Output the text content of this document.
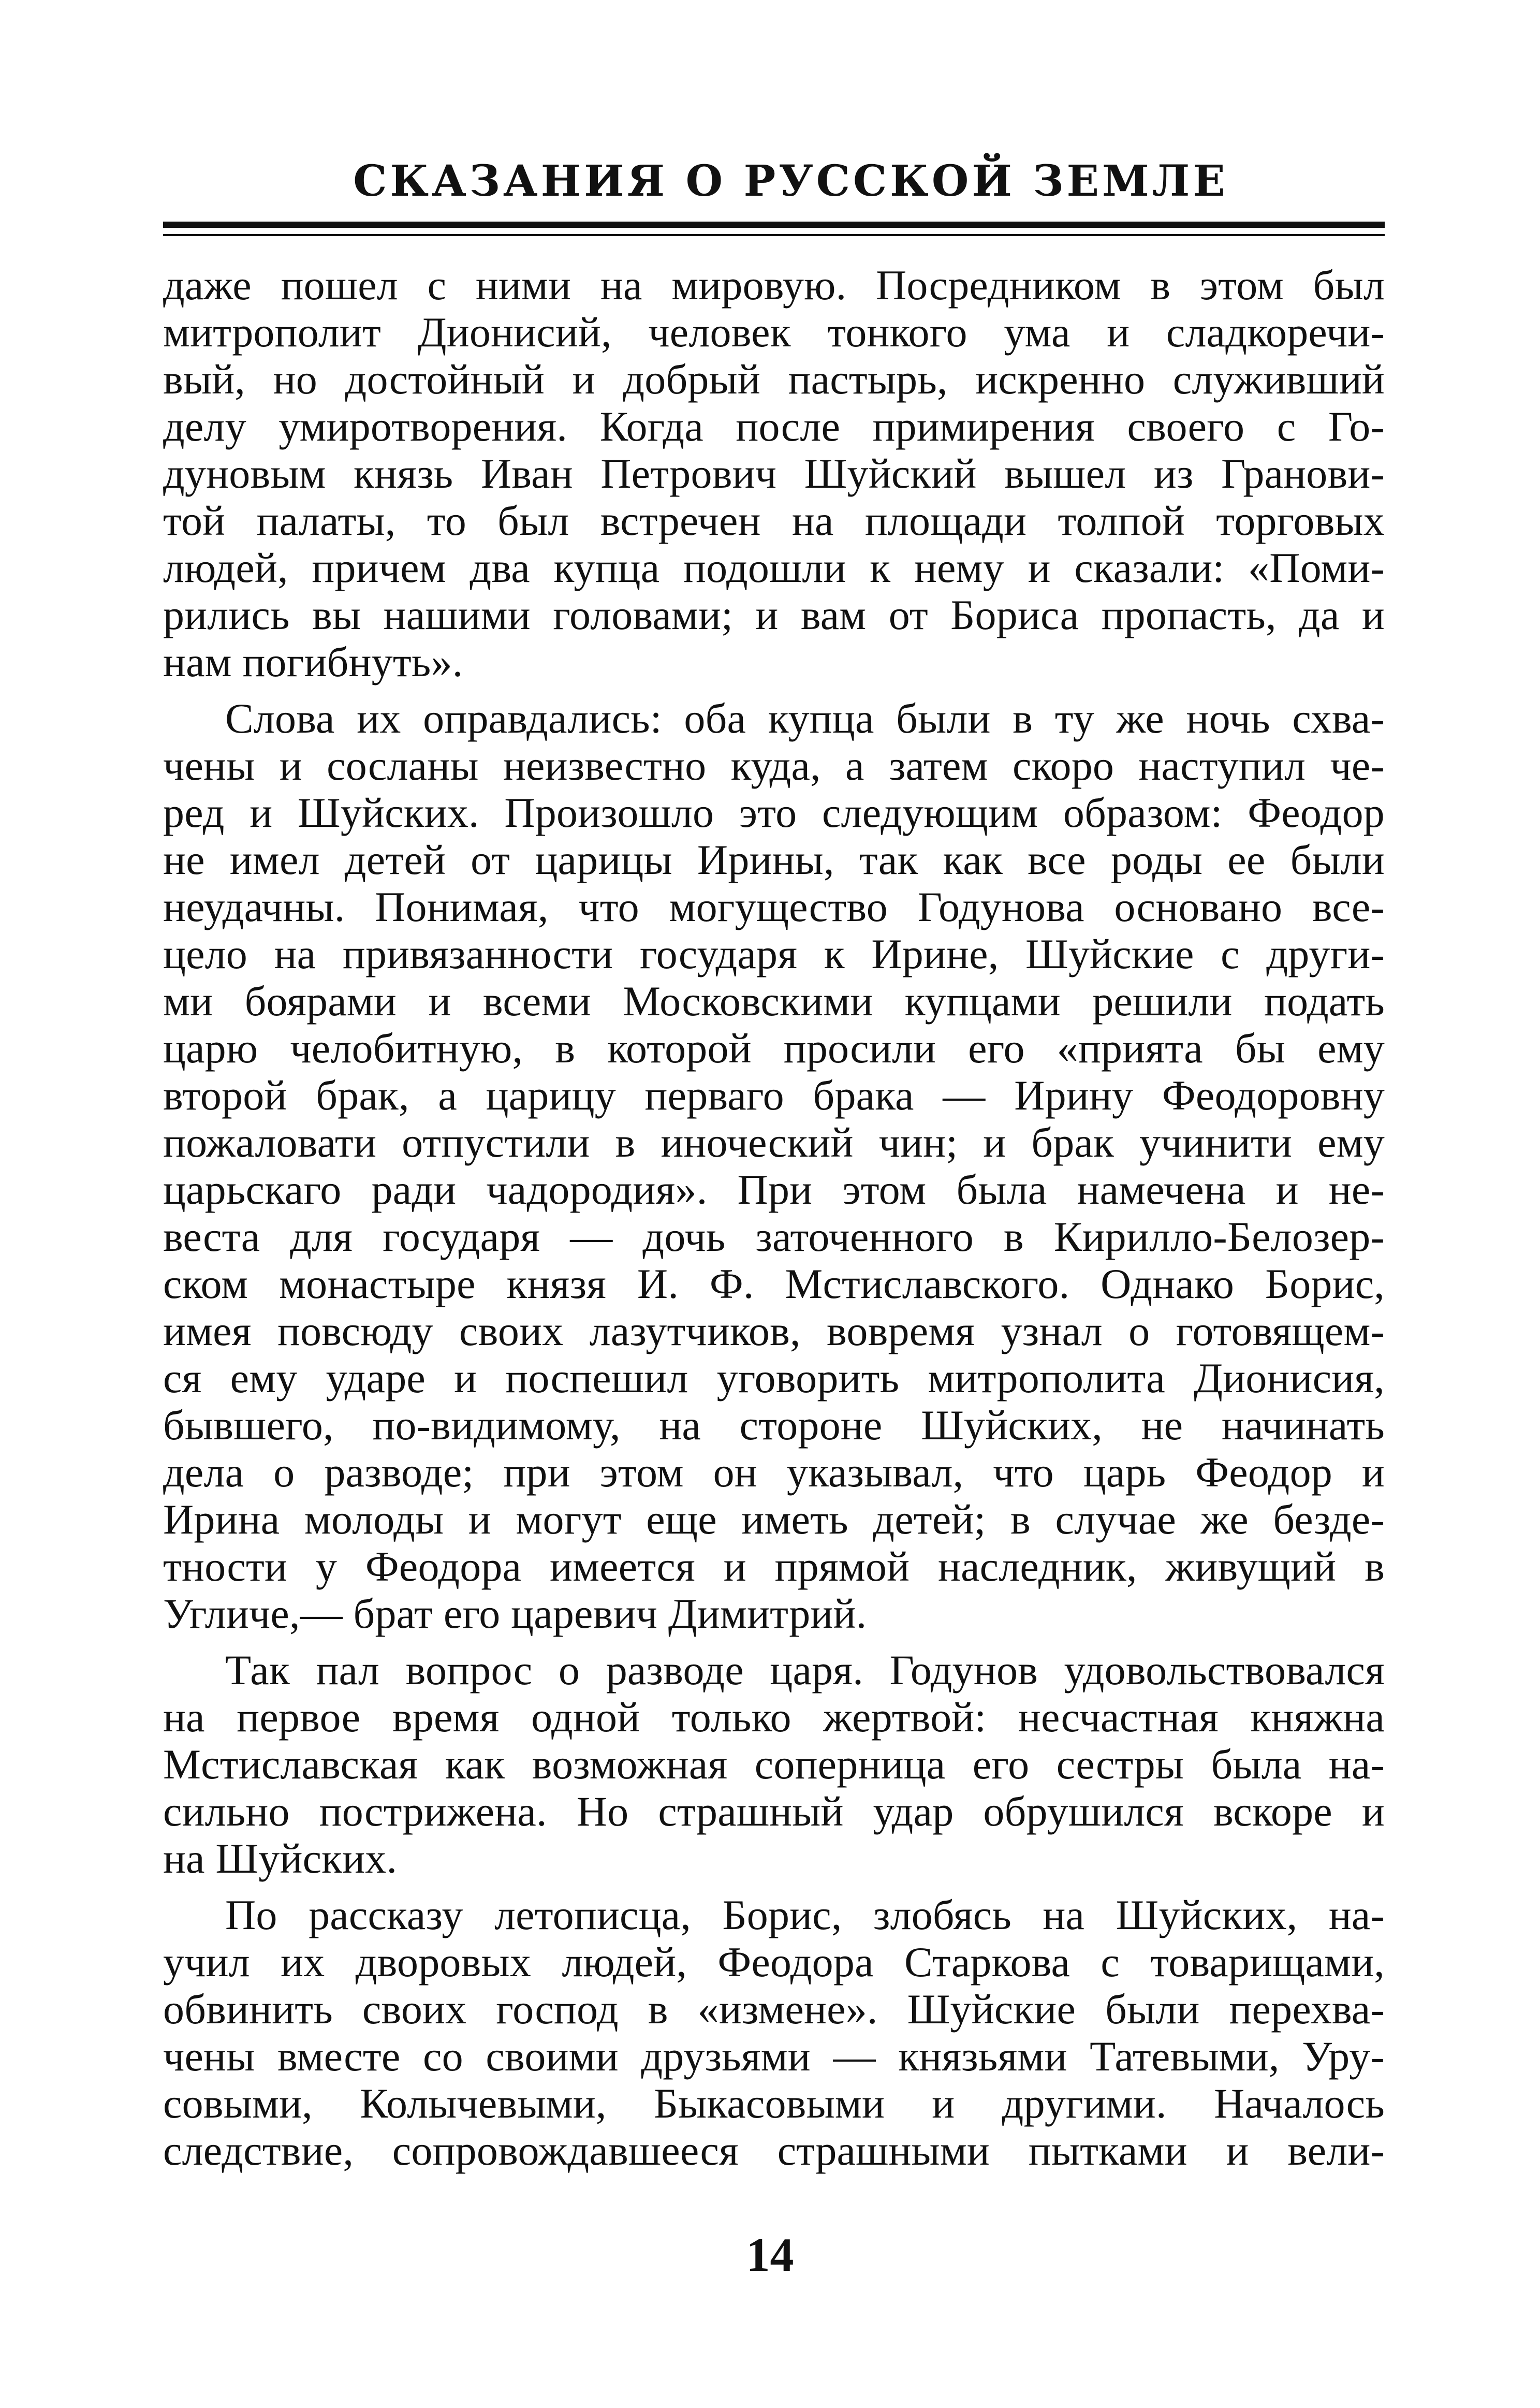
СКАЗАНИЯ О РУССКОЙ ЗЕМЛЕ

даже пошел с ними на мировую. Посредником в этом был
митрополит Дионисий, человек тонкого ума и сладкоречи-
вый, но достойный и добрый пастырь, искренно служивший
делу умиротворения. Когда после примирения своего с Го-
дуновым князь Иван Петрович Шуйский вышел из Гранови-
той палаты, то был встречен на площади толпой торговых
людей, причем два купца подошли к нему и сказали: «Поми-
рились вы нашими головами; и вам от Бориса пропасть, да и
нам погибнуть».

Слова их оправдались: оба купца были в ту же ночь схва-
чены и сосланы неизвестно куда, а затем скоро наступил че-
ред и Шуйских. Произошло это следующим образом: Феодор
не имел детей от царицы Ирины, так как все роды ее были
неудачны. Понимая, что могущество Годунова основано все-
цело на привязанности государя к Ирине, Шуйские с други-
ми боярами и всеми Московскими купцами решили подать
царю челобитную, в которой просили его «прията бы ему
второй брак, а царицу перваго брака — Ирину Феодоровну
пожаловати отпустили в иноческий чин; и брак учинити ему
царьскаго ради чадородия». При этом была намечена и не-
веста для государя — дочь заточенного в Кирилло-Белозер-
ском монастыре князя И. Ф. Мстиславского. Однако Борис,
имея повсюду своих лазутчиков, вовремя узнал о готовящем-
ся ему ударе и поспешил уговорить митрополита Дионисия,
бывшего, по-видимому, на стороне Шуйских, не начинать
дела о разводе; при этом он указывал, что царь Феодор и
Ирина молоды и могут еще иметь детей; в случае же безде-
тности у Феодора имеется и прямой наследник, живущий в
Угличе,— брат его царевич Димитрий.

Так пал вопрос о разводе царя. Годунов удовольствовался
на первое время одной только жертвой: несчастная княжна
Мстиславская как возможная соперница его сестры была на-
сильно пострижена. Но страшный удар обрушился вскоре и
на Шуйских.

По рассказу летописца, Борис, злобясь на Шуйских, на-
учил их дворовых людей, Феодора Старкова с товарищами,
обвинить своих господ в «измене». Шуйские были перехва-
чены вместе со своими друзьями — князьями Татевыми, Уру-
совыми, Колычевыми, Быкасовыми и другими. Началось
следствие, сопровождавшееся страшными пытками и вели-

14
